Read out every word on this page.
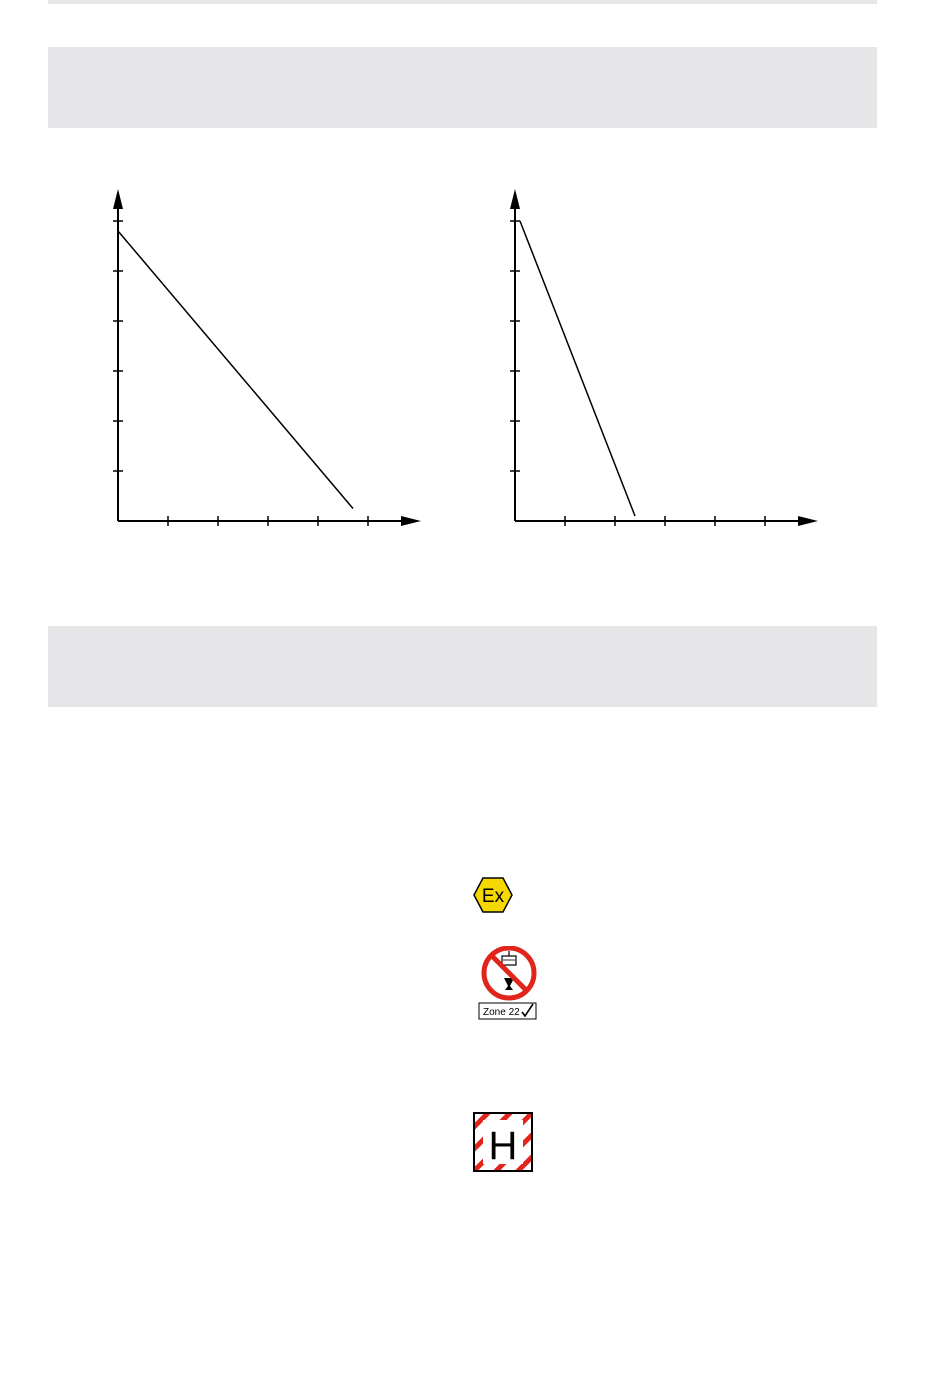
Ex
Zone 22
H
